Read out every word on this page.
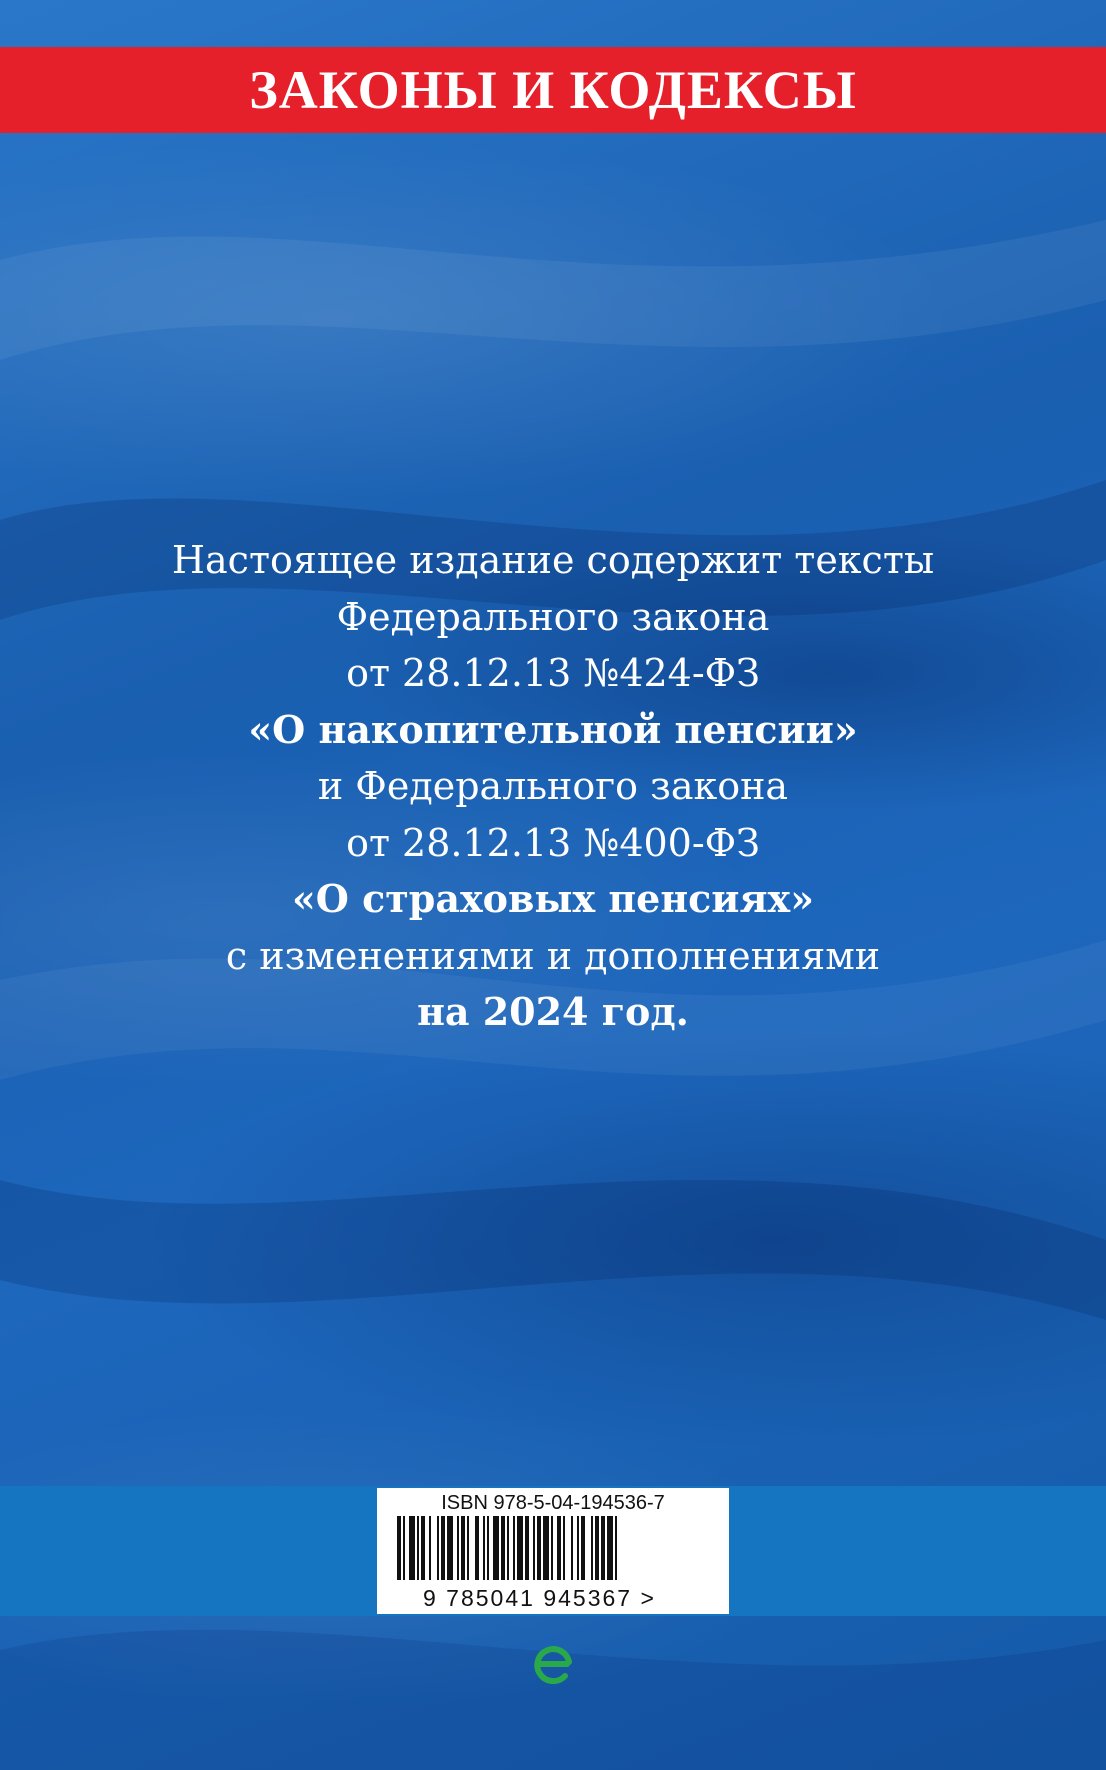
ЗАКОНЫ И КОДЕКСЫ
Настоящее издание содержит тексты
Федерального закона
от 28.12.13 №424-ФЗ
«О накопительной пенсии»
и Федерального закона
от 28.12.13 №400-ФЗ
«О страховых пенсиях»
с изменениями и дополнениями
на 2024 год.
ISBN 978-5-04-194536-7
9 785041 945367 >
